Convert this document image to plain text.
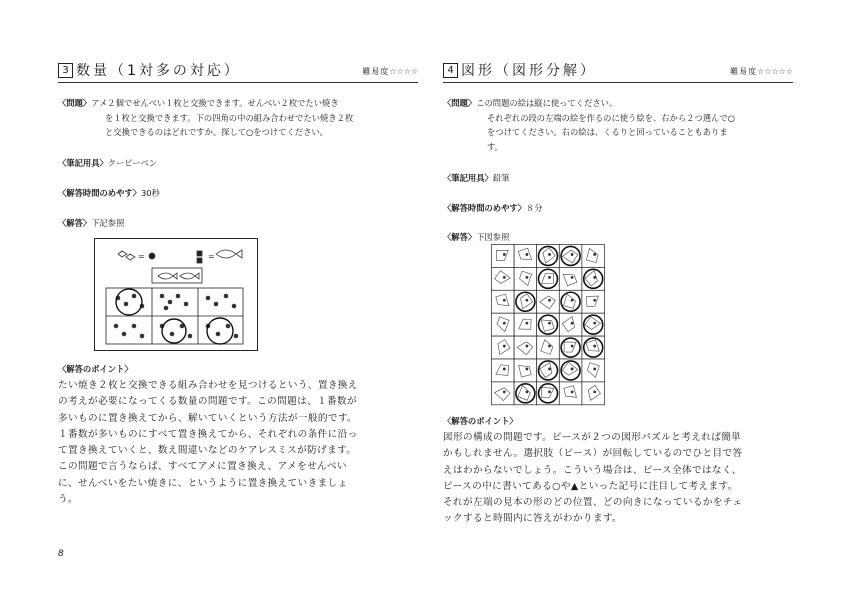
3 数量（1対多の対応）	難易度☆☆☆☆
〈問題〉アメ２個でせんべい１枚と交換できます。せんべい２枚でたい焼き
を１枚と交換できます。下の四角の中の組み合わせでたい焼き２枚
と交換できるのはどれですか。探して○をつけてください。
〈筆記用具〉クーピーペン
〈解答時間のめやす〉30秒
〈解答〉下記参照
=	=
〈解答のポイント〉
たい焼き２枚と交換できる組み合わせを見つけるという、置き換え
の考えが必要になってくる数量の問題です。この問題は、１番数が
多いものに置き換えてから、解いていくという方法が一般的です。
１番数が多いものにすべて置き換えてから、それぞれの条件に沿っ
て置き換えていくと、数え間違いなどのケアレスミスが防げます。
この問題で言うならば、すべてアメに置き換え、アメをせんべい
に、せんべいをたい焼きに、というように置き換えていきましょ
う。
4 図形（図形分解）	難易度☆☆☆☆☆
〈問題〉この問題の絵は縦に使ってください。
それぞれの段の左端の絵を作るのに使う絵を、右から２つ選んで○
をつけてください。右の絵は、くるりと回っていることもありま
す。
〈筆記用具〉鉛筆
〈解答時間のめやす〉８分
〈解答〉下図参照
〈解答のポイント〉
図形の構成の問題です。ピースが２つの図形パズルと考えれば簡単
かもしれません。選択肢（ピース）が回転しているのでひと目で答
えはわからないでしょう。こういう場合は、ピース全体ではなく、
ピースの中に書いてある○や▲といった記号に注目して考えます。
それが左端の見本の形のどの位置、どの向きになっているかをチェ
ックすると時間内に答えがわかります。
8
